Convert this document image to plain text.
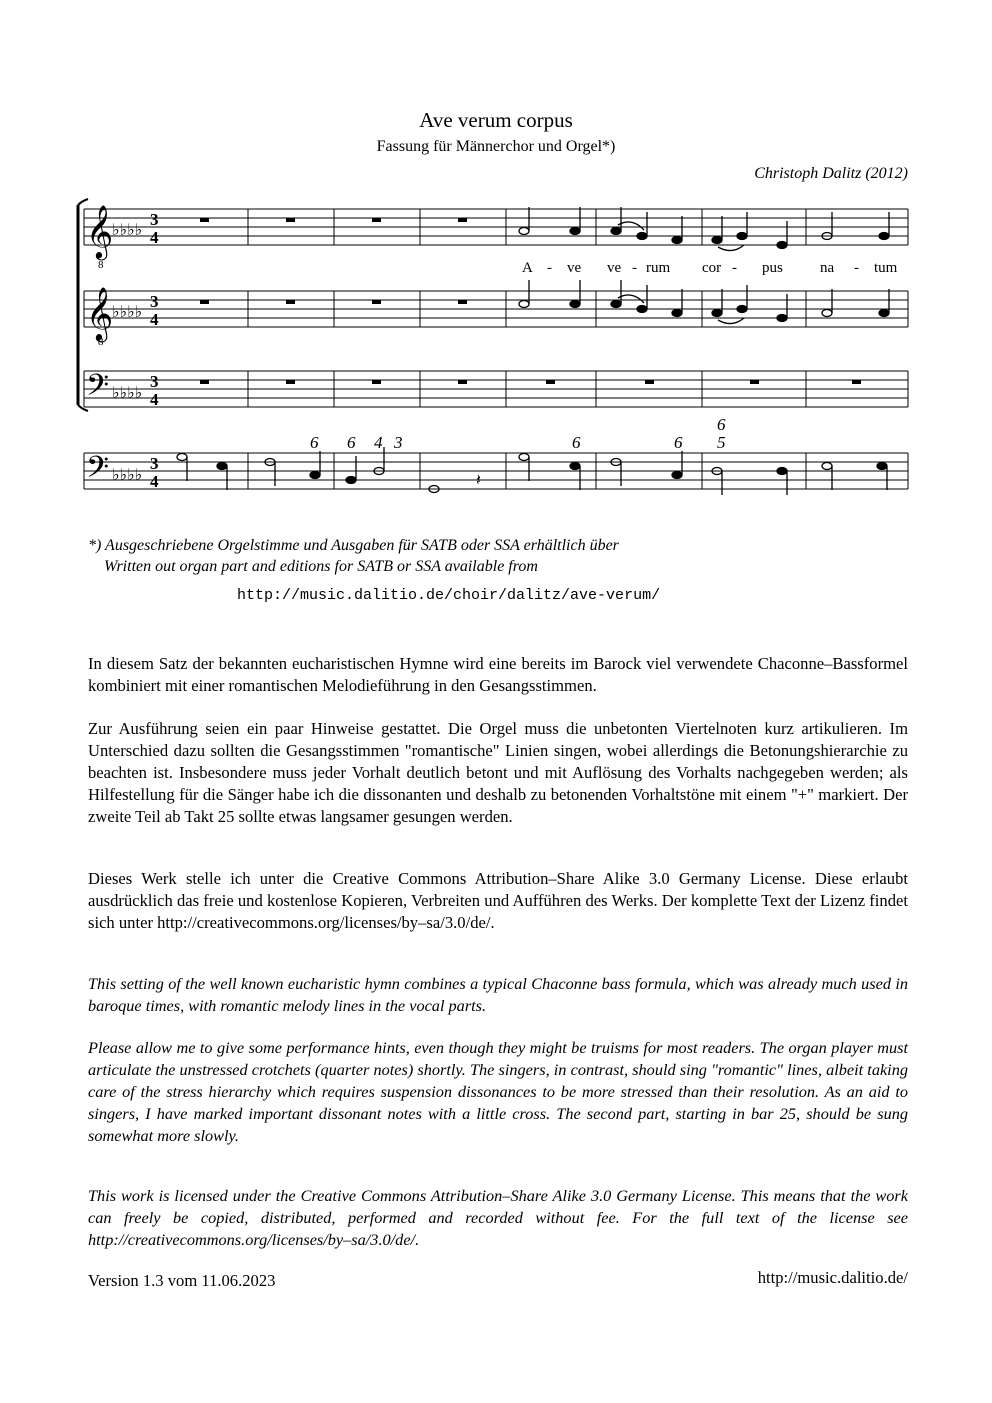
Ave verum corpus
Fassung für Männerchor und Orgel*)
Christoph Dalitz (2012)
𝄞
♭♭♭♭
8
3
4
A - ve ve - rum cor - pus na - tum
𝄞
♭♭♭♭
8
3
4
𝄢 ♭♭♭♭
3
4
𝄢 ♭♭♭♭
3
4	𝄽
6 6 4 3	6	6
6
5
*) Ausgeschriebene Orgelstimme und Ausgaben für SATB oder SSA erhältlich über
Written out organ part and editions for SATB or SSA available from
http://music.dalitio.de/choir/dalitz/ave-verum/

In diesem Satz der bekannten eucharistischen Hymne wird eine bereits im Barock viel verwendete Chaconne–Bassformel kombiniert mit einer romantischen Melodieführung in den Gesangsstimmen.

Zur Ausführung seien ein paar Hinweise gestattet. Die Orgel muss die unbetonten Viertelnoten kurz artikulieren. Im Unterschied dazu sollten die Gesangsstimmen "romantische" Linien singen, wobei allerdings die Betonungshierarchie zu beachten ist. Insbesondere muss jeder Vorhalt deutlich betont und mit Auflösung des Vorhalts nachgegeben werden; als Hilfestellung für die Sänger habe ich die dissonanten und deshalb zu betonenden Vorhaltstöne mit einem "+" markiert. Der zweite Teil ab Takt 25 sollte etwas langsamer gesungen werden.

Dieses Werk stelle ich unter die Creative Commons Attribution–Share Alike 3.0 Germany License. Diese erlaubt ausdrücklich das freie und kostenlose Kopieren, Verbreiten und Aufführen des Werks. Der komplette Text der Lizenz findet sich unter http://creativecommons.org/licenses/by–sa/3.0/de/.

This setting of the well known eucharistic hymn combines a typical Chaconne bass formula, which was already much used in baroque times, with romantic melody lines in the vocal parts.

Please allow me to give some performance hints, even though they might be truisms for most readers. The organ player must articulate the unstressed crotchets (quarter notes) shortly. The singers, in contrast, should sing "romantic" lines, albeit taking care of the stress hierarchy which requires suspension dissonances to be more stressed than their resolution. As an aid to singers, I have marked important dissonant notes with a little cross. The second part, starting in bar 25, should be sung somewhat more slowly.

This work is licensed under the Creative Commons Attribution–Share Alike 3.0 Germany License. This means that the work can freely be copied, distributed, performed and recorded without fee. For the full text of the license see http://creativecommons.org/licenses/by–sa/3.0/de/.

Version 1.3 vom 11.06.2023	http://music.dalitio.de/
